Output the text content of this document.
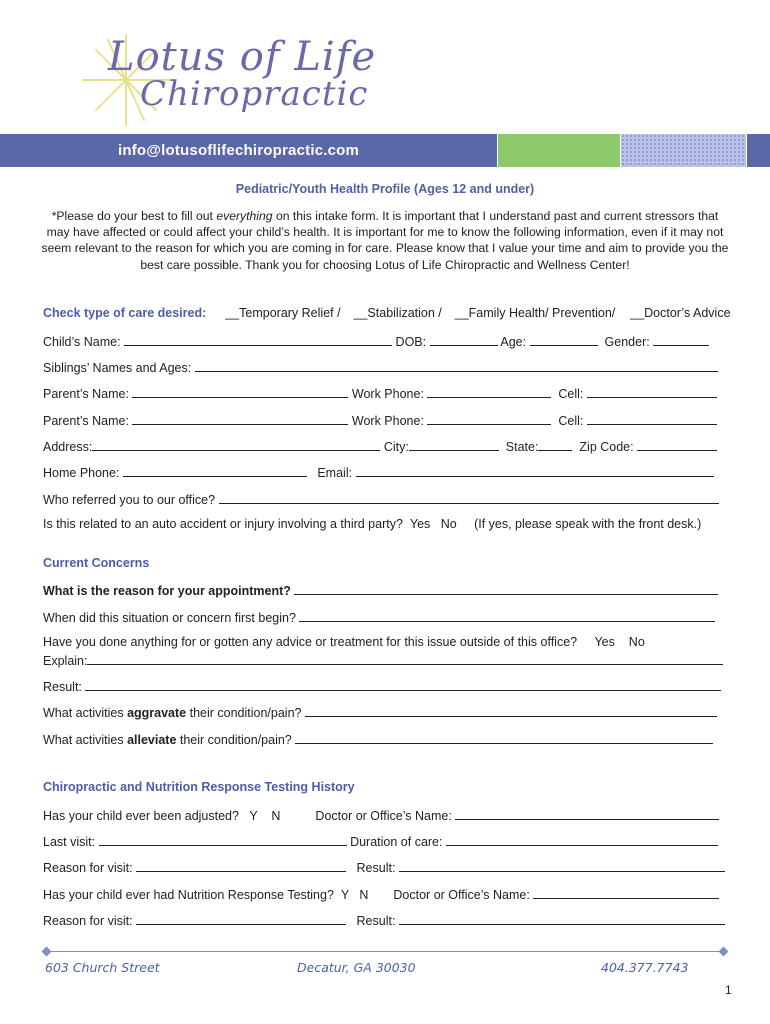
Lotus of Life
Chiropractic
info@lotusoflifechiropractic.com
Pediatric/Youth Health Profile (Ages 12 and under)
*Please do your best to fill out everything on this intake form. It is important that I understand past and current stressors that may have affected or could affect your child’s health. It is important for me to know the following information, even if it may not seem relevant to the reason for which you are coming in for care. Please know that I value your time and aim to provide you the best care possible. Thank you for choosing Lotus of Life Chiropractic and Wellness Center!
Check type of care desired: __Temporary Relief / __Stabilization / __Family Health/ Prevention/ __Doctor’s Advice
Child’s Name:	DOB:	Age:	Gender:
Siblings’ Names and Ages:
Parent’s Name:	Work Phone:	Cell:
Parent’s Name:	Work Phone:	Cell:
Address:	City:	State:	Zip Code:
Home Phone:	Email:
Who referred you to our office?
Is this related to an auto accident or injury involving a third party? Yes No (If yes, please speak with the front desk.)
Current Concerns
What is the reason for your appointment?
When did this situation or concern first begin?
Have you done anything for or gotten any advice or treatment for this issue outside of this office? Yes No
Explain:
Result:
What activities aggravate their condition/pain?
What activities alleviate their condition/pain?
Chiropractic and Nutrition Response Testing History
Has your child ever been adjusted? Y N	Doctor or Office’s Name:
Last visit:	Duration of care:
Reason for visit:	Result:
Has your child ever had Nutrition Response Testing? Y N Doctor or Office’s Name:
Reason for visit:	Result:
603 Church Street	Decatur, GA 30030	404.377.7743
1
